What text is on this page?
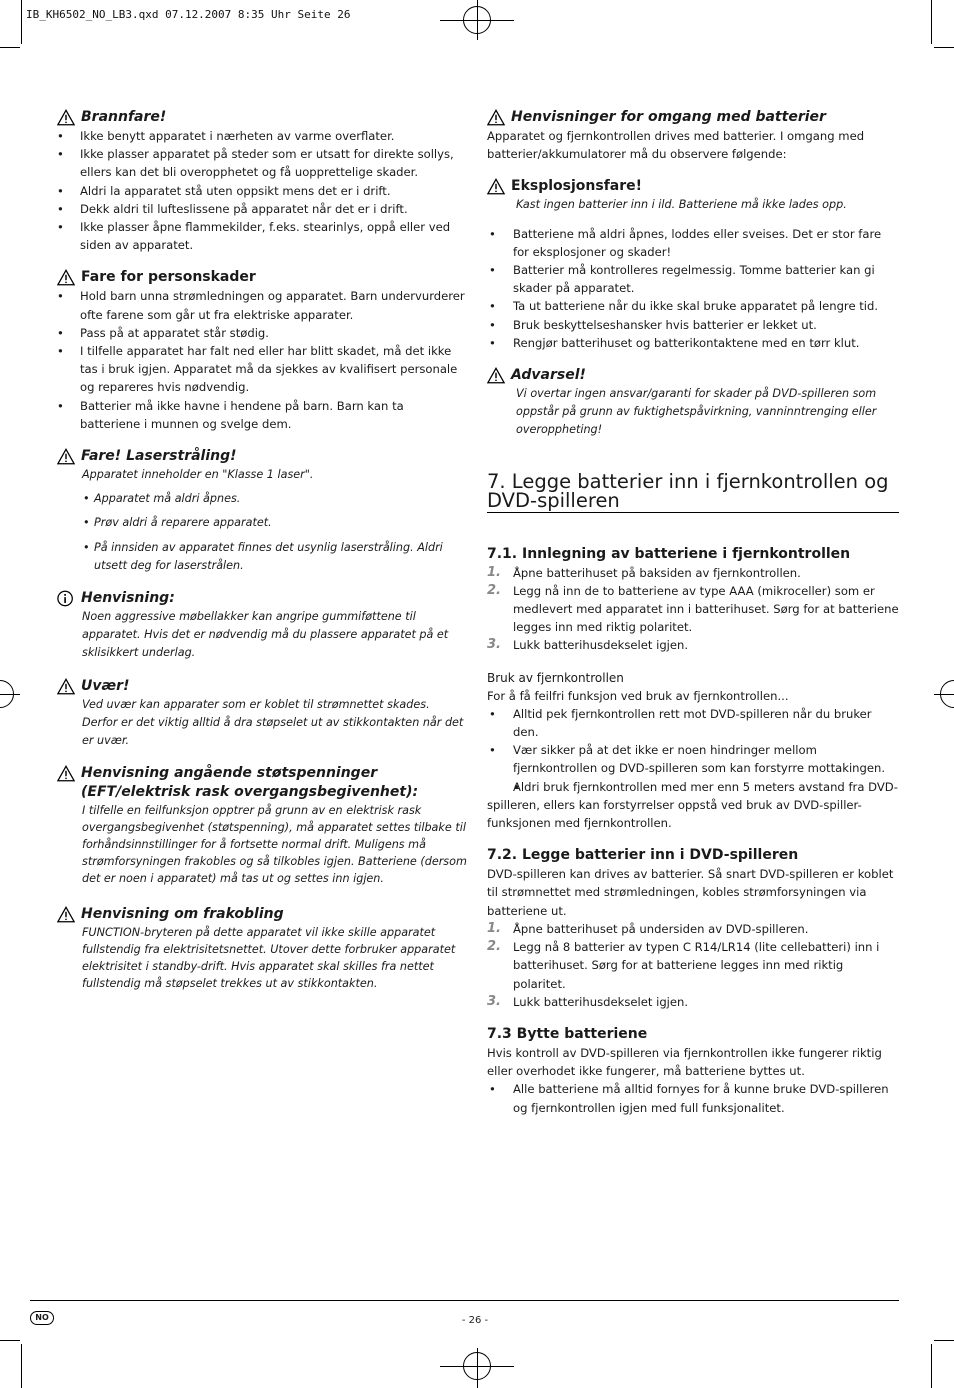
IB_KH6502_NO_LB3.qxd 07.12.2007 8:35 Uhr Seite 26
Brannfare!
• Ikke benytt apparatet i nærheten av varme overflater.
• Ikke plasser apparatet på steder som er utsatt for direkte sollys, ellers kan det bli overopphetet og få uopprettelige skader.
• Aldri la apparatet stå uten oppsikt mens det er i drift.
• Dekk aldri til lufteslissene på apparatet når det er i drift.
• Ikke plasser åpne flammekilder, f.eks. stearinlys, oppå eller ved siden av apparatet.
Fare for personskader
• Hold barn unna strømledningen og apparatet. Barn undervurderer ofte farene som går ut fra elektriske apparater.
• Pass på at apparatet står stødig.
• I tilfelle apparatet har falt ned eller har blitt skadet, må det ikke tas i bruk igjen. Apparatet må da sjekkes av kvalifisert personale og repareres hvis nødvendig.
• Batterier må ikke havne i hendene på barn. Barn kan ta batteriene i munnen og svelge dem.
Fare! Laserstråling!
Apparatet inneholder en "Klasse 1 laser".
• Apparatet må aldri åpnes.
• Prøv aldri å reparere apparatet.
• På innsiden av apparatet finnes det usynlig laserstråling. Aldri utsett deg for laserstrålen.
Henvisning:
Noen aggressive møbellakker kan angripe gummiføttene til apparatet. Hvis det er nødvendig må du plassere apparatet på et sklisikkert underlag.
Uvær!
Ved uvær kan apparater som er koblet til strømnettet skades. Derfor er det viktig alltid å dra støpselet ut av stikkontakten når det er uvær.
Henvisning angående støtspenninger (EFT/elektrisk rask overgangsbegivenhet):
I tilfelle en feilfunksjon opptrer på grunn av en elektrisk rask overgangsbegivenhet (støtspenning), må apparatet settes tilbake til forhåndsinnstillinger for å fortsette normal drift. Muligens må strømforsyningen frakobles og så tilkobles igjen. Batteriene (dersom det er noen i apparatet) må tas ut og settes inn igjen.
Henvisning om frakobling
FUNCTION-bryteren på dette apparatet vil ikke skille apparatet fullstendig fra elektrisitetsnettet. Utover dette forbruker apparatet elektrisitet i standby-drift. Hvis apparatet skal skilles fra nettet fullstendig må støpselet trekkes ut av stikkontakten.
Henvisninger for omgang med batterier

Apparatet og fjernkontrollen drives med batterier. I omgang med batterier/akkumulatorer må du observere følgende:

Eksplosjonsfare!
Kast ingen batterier inn i ild. Batteriene må ikke lades opp.
• Batteriene må aldri åpnes, loddes eller sveises. Det er stor fare for eksplosjoner og skader!
• Batterier må kontrolleres regelmessig. Tomme batterier kan gi skader på apparatet.
• Ta ut batteriene når du ikke skal bruke apparatet på lengre tid.
• Bruk beskyttelseshansker hvis batterier er lekket ut.
• Rengjør batterihuset og batterikontaktene med en tørr klut.
Advarsel!
Vi overtar ingen ansvar/garanti for skader på DVD-spilleren som oppstår på grunn av fuktighetspåvirkning, vanninntrenging eller overoppheting!
7. Legge batterier inn i fjernkontrollen og DVD-spilleren
7.1. Innlegning av batteriene i fjernkontrollen
1. Åpne batterihuset på baksiden av fjernkontrollen.
2. Legg nå inn de to batteriene av type AAA (mikroceller) som er medlevert med apparatet inn i batterihuset. Sørg for at batteriene legges inn med riktig polaritet.
3. Lukk batterihusdekselet igjen.
Bruk av fjernkontrollen

For å få feilfri funksjon ved bruk av fjernkontrollen...

• Alltid pek fjernkontrollen rett mot DVD-spilleren når du bruker den.
• Vær sikker på at det ikke er noen hindringer mellom fjernkontrollen og DVD-spilleren som kan forstyrre mottakingen.

• Aldri bruk fjernkontrollen med mer enn 5 meters avstand fra DVD-spilleren, ellers kan forstyrrelser oppstå ved bruk av DVD-spiller-funksjonen med fjernkontrollen.

7.2. Legge batterier inn i DVD-spilleren

DVD-spilleren kan drives av batterier. Så snart DVD-spilleren er koblet til strømnettet med strømledningen, kobles strømforsyningen via batteriene ut.

1. Åpne batterihuset på undersiden av DVD-spilleren.
2. Legg nå 8 batterier av typen C R14/LR14 (lite cellebatteri) inn i batterihuset. Sørg for at batteriene legges inn med riktig polaritet.
3. Lukk batterihusdekselet igjen.
7.3 Bytte batteriene

Hvis kontroll av DVD-spilleren via fjernkontrollen ikke fungerer riktig eller overhodet ikke fungerer, må batteriene byttes ut.

• Alle batteriene må alltid fornyes for å kunne bruke DVD-spilleren og fjernkontrollen igjen med full funksjonalitet.
NO	- 26 -
